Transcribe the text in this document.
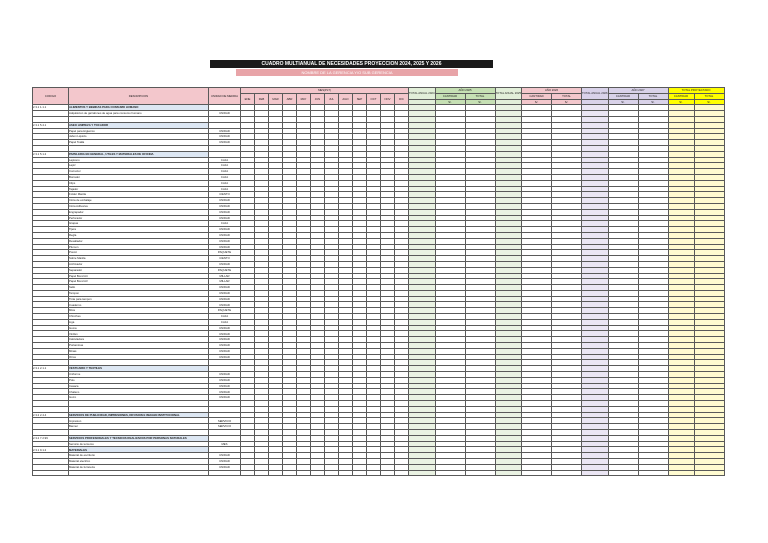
CUADRO MULTIANUAL DE NECESIDADES PROYECCION 2024, 2025 Y 2026
NOMBRE DE LA GERENCIA Y/O SUB GERENCIA
CODIGO	DESCRIPCION	UNIDAD DE MEDIDA	MES(PLT)												TOTAL ANUAL 2024	AÑO 2025		TOTAL ANUAL 2025	AÑO 2026		TOTAL ANUAL 2026	AÑO 2027		TOTAL PROYECTADO	
			ENE	FEB	MAR	ABR	MAY	JUN	JUL	AGO	SEP	OCT	NOV	DIC		CANTIDAD	TOTAL		CANTIDAD	TOTAL		CANTIDAD	TOTAL	CANTIDAD	TOTAL
																S/.	S/.		S/.	S/.		S/.	S/.	S/.	S/.
2.3.1 1.1.1	ALIMENTOS Y BEBIDAS PARA CONSUMO HUMANO																								
	Adquisicion de garrafones de agua para consumo humano	UNIDAD																							

2.3.1 5.4.1	ASEO LIMPIEZA Y TOCADOR																								
	Papel para Higienico	UNIDAD																							
	Jabon Liquido	UNIDAD																							
	Papel Toalla	UNIDAD																							

2.3.1 5.1.2	PAPELERIA EN GENERAL, UTILES Y MATERIALES DE OFICINA																								
	Lapicero	CAJA																							
	Lapiz	CAJA																							
	Corrector	CAJA																							
	Borrador	CAJA																							
	Clips	CAJA																							
	Tajador	CAJA																							
	Folder Manila	CIENTO																							
	Cinta de embalaje	UNIDAD																							
	Cinta Adhesiva	UNIDAD																							
	Engrapador	UNIDAD																							
	Perforador	UNIDAD																							
	Grapas	CAJA																							
	Tijera	UNIDAD																							
	Regla	UNIDAD																							
	Resaltador	UNIDAD																							
	Plumon	UNIDAD																							
	Post-it	PAQUETE																							
	Sobre Manila	CIENTO																							
	Archivador	UNIDAD																							
	Separador	PAQUETE																							
	Papel Bond A4	MILLAR																							
	Papel Bond A3	MILLAR																							
	Sello	UNIDAD																							
	Tampon	UNIDAD																							
	Tinta para tampon	UNIDAD																							
	Cuaderno	UNIDAD																							
	Mica	PAQUETE																							
	Chinches	CAJA																							
	Liga	CAJA																							
	Goma	UNIDAD																							
	Vinifan	UNIDAD																							
	Calculadora	UNIDAD																							
	Portaminas	UNIDAD																							
	Minas	UNIDAD																							
	Otros	UNIDAD																							

2.3.1 2.1.1	VESTUARIO Y TEXTILES																								
	Uniforme	UNIDAD																							
	Polo	UNIDAD																							
	Casaca	UNIDAD																							
	Chaleco	UNIDAD																							
	Gorro	UNIDAD																							

2.3.2 2.4.4	SERVICIOS DE PUBLICIDAD, IMPRESIONES, DIFUSION E IMAGEN INSTITUCIONAL																								
	Impresion	SERVICIO																							
	Banner	SERVICIO																							

2.3.2 7.2.99	SERVICIOS PROFESIONALES Y TECNICOS REALIZADOS POR PERSONAS NATURALES																								
	Servicio de terceros	MES																							
2.3.1 9.1.2	MATERIALES																								
	Material de escritorio	UNIDAD																							
	Material electrico	UNIDAD																							
	Material de ferreteria	UNIDAD																							
